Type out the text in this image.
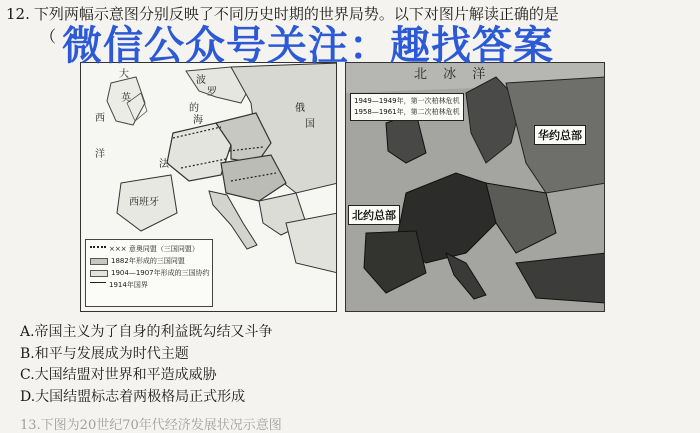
12. 下列两幅示意图分别反映了不同历史时期的世界局势。以下对图片解读正确的是
（
大
西
洋
波
罗
的
海
俄
国
西班牙
英
法
××× 意奥同盟（三国同盟）
1882年形成的三国同盟
1904—1907年形成的三国协约
1914年国界
北 冰 洋
1949—1949年，第一次柏林危机
1958—1961年，第二次柏林危机
华约总部
北约总部
微信公众号关注：趣找答案
A.帝国主义为了自身的利益既勾结又斗争
B.和平与发展成为时代主题
C.大国结盟对世界和平造成威胁
D.大国结盟标志着两极格局正式形成
13.下图为20世纪70年代经济发展状况示意图
